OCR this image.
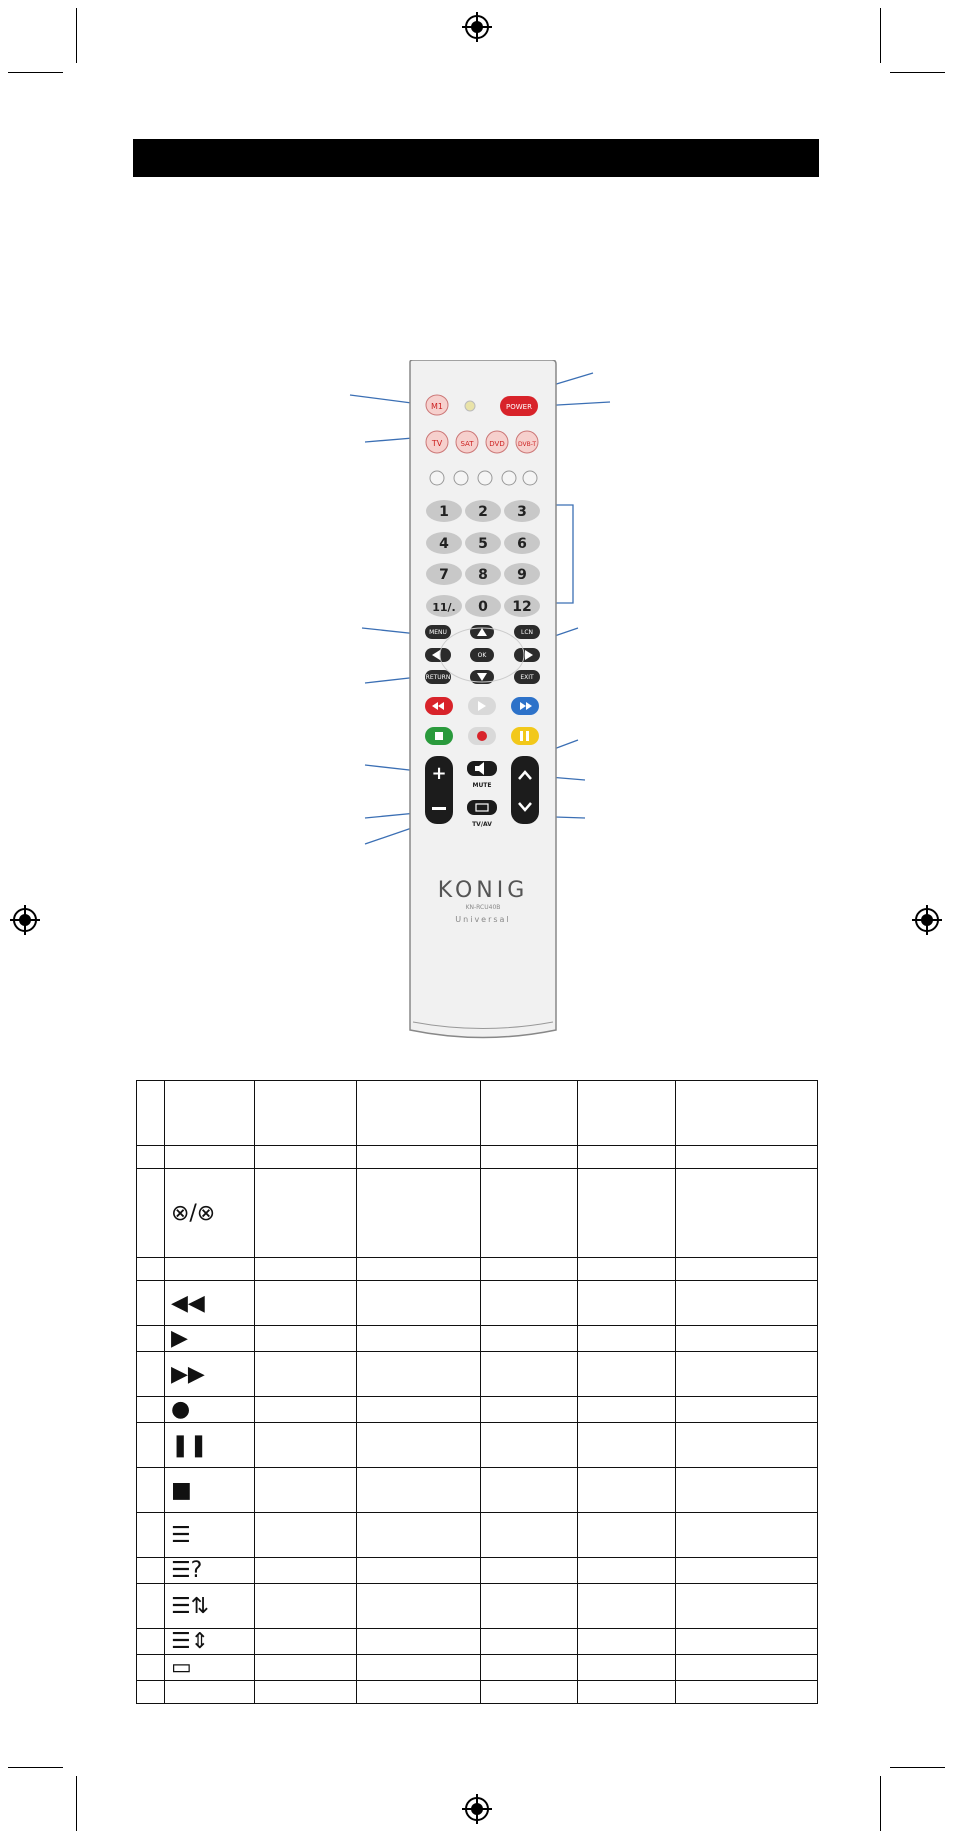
M1	POWER
TV	SAT DVD DVB-T
1 2 3
4 5 6
7 8 9
11/. 0 12
MENU	LCN
OK
RETURN	EXIT
+
MUTE
TV/AV
KONIG
KN-RCU40B
Universal

	⊗/⊗					

	◀◀					
	▶					
	▶▶					
	●					
	❚❚					
	■					
	☰					
	☰?					
	☰⇅					
	☰⇕					
	▭					
